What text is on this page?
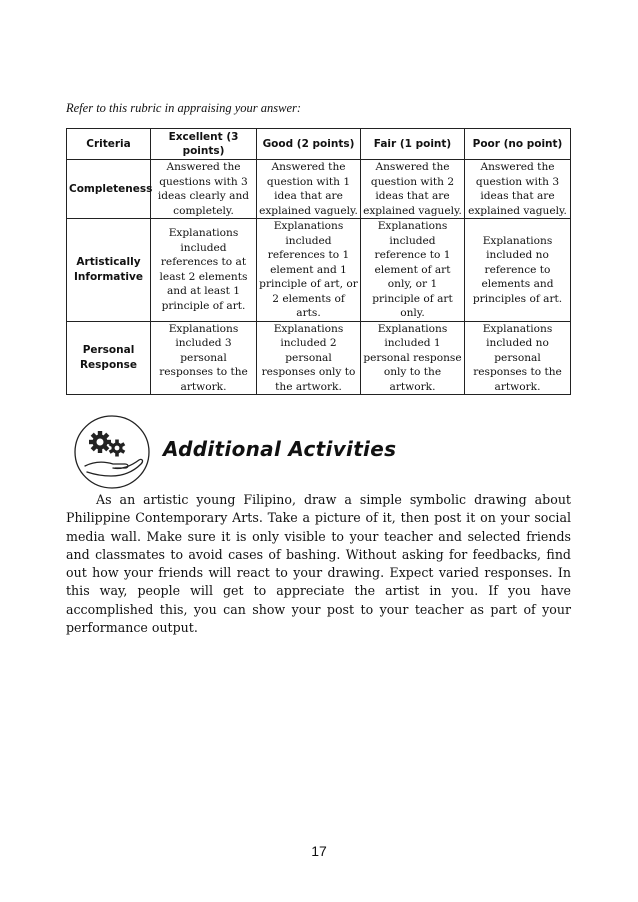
Refer to this rubric in appraising your answer:
Criteria	Excellent (3 points)	Good (2 points)	Fair (1 point)	Poor (no point)
Completeness	Answered the questions with 3 ideas clearly and completely.	Answered the question with 1 idea that are explained vaguely.	Answered the question with 2 ideas that are explained vaguely.	Answered the question with 3 ideas that are explained vaguely.
Artistically Informative	Explanations included references to at least 2 elements and at least 1 principle of art.	Explanations included references to 1 element and 1 principle of art, or 2 elements of arts.	Explanations included reference to 1 element of art only, or 1 principle of art only.	Explanations included no reference to elements and principles of art.
Personal Response	Explanations included 3 personal responses to the artwork.	Explanations included 2 personal responses only to the artwork.	Explanations included 1 personal response only to the artwork.	Explanations included no personal responses to the artwork.
Additional Activities
As an artistic young Filipino, draw a simple symbolic drawing about Philippine Contemporary Arts. Take a picture of it, then post it on your social media wall. Make sure it is only visible to your teacher and selected friends and classmates to avoid cases of bashing. Without asking for feedbacks, find out how your friends will react to your drawing. Expect varied responses. In this way, people will get to appreciate the artist in you. If you have accomplished this, you can show your post to your teacher as part of your performance output.
17
